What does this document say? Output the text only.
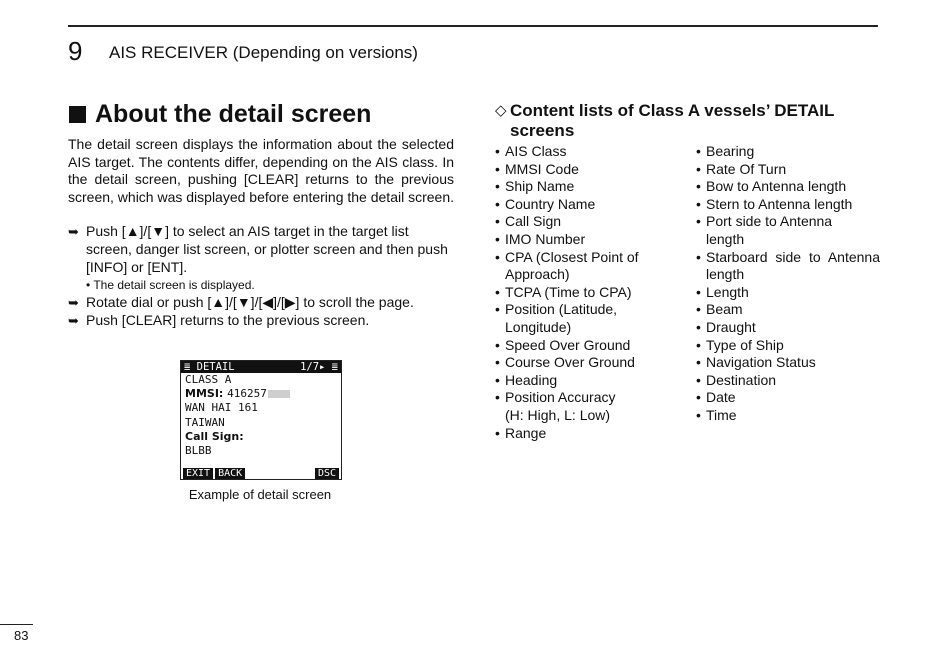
9 AIS RECEIVER (Depending on versions)
About the detail screen

The detail screen displays the information about the selected AIS target. The contents differ, depending on the AIS class. In the detail screen, pushing [CLEAR] returns to the previous screen, which was displayed before entering the detail screen.

➥ Push [▲]/[▼] to select an AIS target in the target list screen, danger list screen, or plotter screen and then push [INFO] or [ENT].
• The detail screen is displayed.
➥ Rotate dial or push [▲]/[▼]/[◀]/[▶] to scroll the page.
➥ Push [CLEAR] returns to the previous screen.
≣ DETAIL	1/7▸ ≣
CLASS A
MMSI: 416257
WAN HAI 161
TAIWAN
Call Sign:
BLBB
EXIT BACK	DSC
Example of detail screen
◇ Content lists of Class A vessels’ DETAIL screens
• AIS Class
• MMSI Code
• Ship Name
• Country Name
• Call Sign
• IMO Number
• CPA (Closest Point of Approach)
• TCPA (Time to CPA)
• Position (Latitude, Longitude)
• Speed Over Ground
• Course Over Ground
• Heading
• Position Accuracy (H: High, L: Low)
• Range
• Bearing
• Rate Of Turn
• Bow to Antenna length
• Stern to Antenna length
• Port side to Antenna length
• Starboard side to Antenna length
• Length
• Beam
• Draught
• Type of Ship
• Navigation Status
• Destination
• Date
• Time
83
